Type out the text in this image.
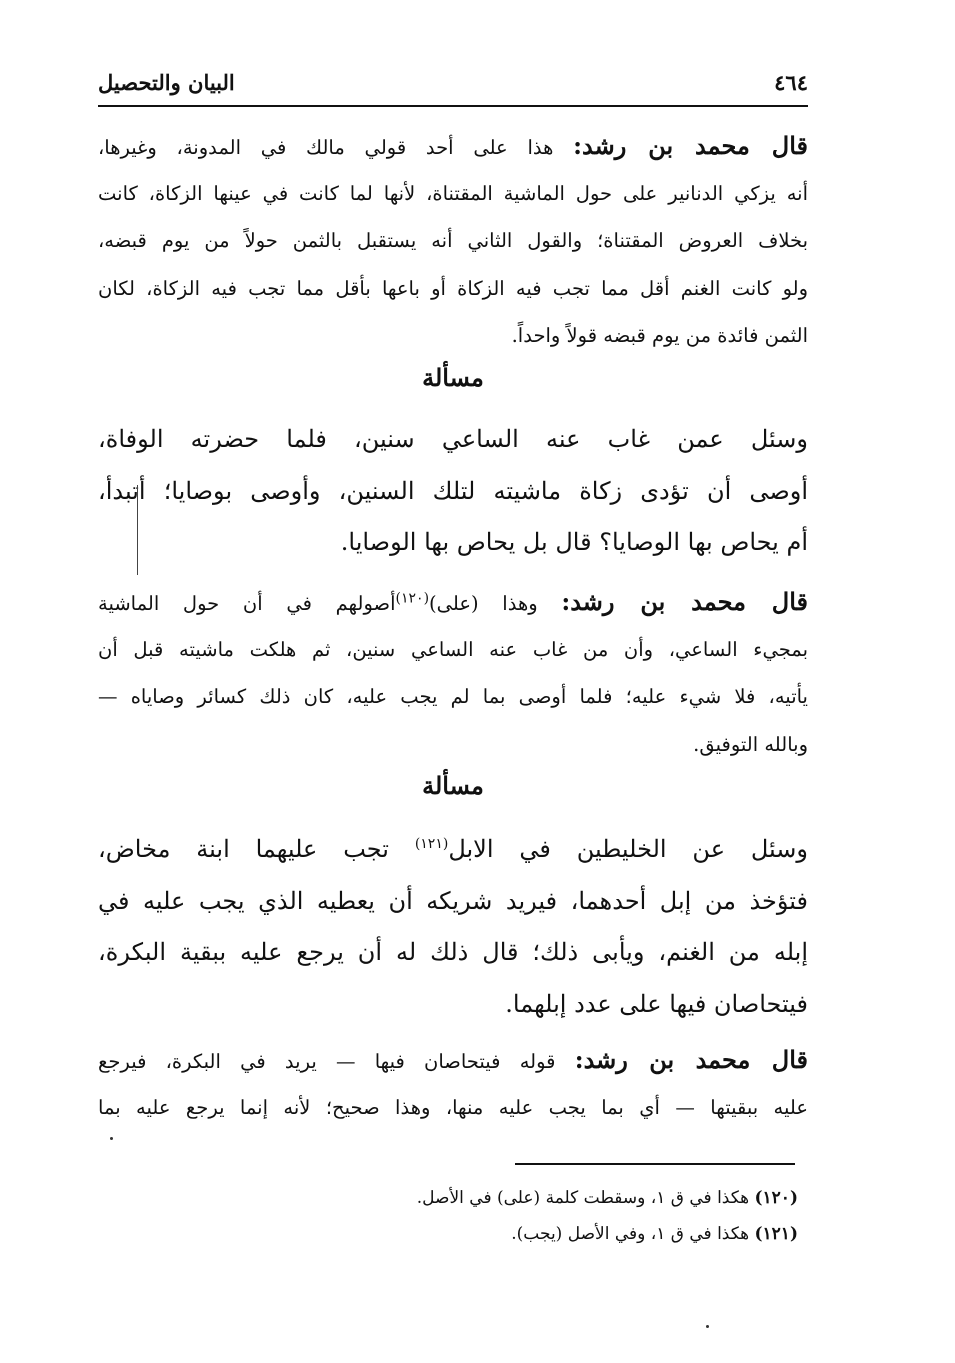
٤٦٤
البيان والتحصيل
قال محمد بن رشد: هذا على أحد قولي مالك في المدونة، وغيرها،
أنه يزكي الدنانير على حول الماشية المقتناة، لأنها لما كانت في عينها الزكاة، كانت
بخلاف العروض المقتناة؛ والقول الثاني أنه يستقبل بالثمن حولاً من يوم قبضه،
ولو كانت الغنم أقل مما تجب فيه الزكاة أو باعها بأقل مما تجب فيه الزكاة، لكان
الثمن فائدة من يوم قبضه قولاً واحداً.
مسألة
وسئل عمن غاب عنه الساعي سنين، فلما حضرته الوفاة،
أوصى أن تؤدى زكاة ماشيته لتلك السنين، وأوصى بوصايا؛ أتبدأ،
أم يحاص بها الوصايا؟ قال بل يحاص بها الوصايا.
قال محمد بن رشد: وهذا (على)$^{(١٢٠)}$أصولهم في أن حول الماشية
بمجيء الساعي، وأن من غاب عنه الساعي سنين، ثم هلكت ماشيته قبل أن
يأتيه، فلا شيء عليه؛ فلما أوصى بما لم يجب عليه، كان ذلك كسائر وصاياه —
وبالله التوفيق.
مسألة
وسئل عن الخليطين في الابل$^{(١٢١)}$ تجب عليهما ابنة مخاض،
فتؤخذ من إبل أحدهما، فيريد شريكه أن يعطيه الذي يجب عليه في
إبله من الغنم، ويأبى ذلك؛ قال ذلك له أن يرجع عليه ببقية البكرة،
فيتحاصان فيها على عدد إبلهما.
قال محمد بن رشد: قوله فيتحاصان فيها — يريد في البكرة، فيرجع
عليه ببقيتها — أي بما يجب عليه منها، وهذا صحيح؛ لأنه إنما يرجع عليه بما
(١٢٠) هكذا في ق ١، وسقطت كلمة (على) في الأصل.
(١٢١) هكذا في ق ١، وفي الأصل (يجب).
